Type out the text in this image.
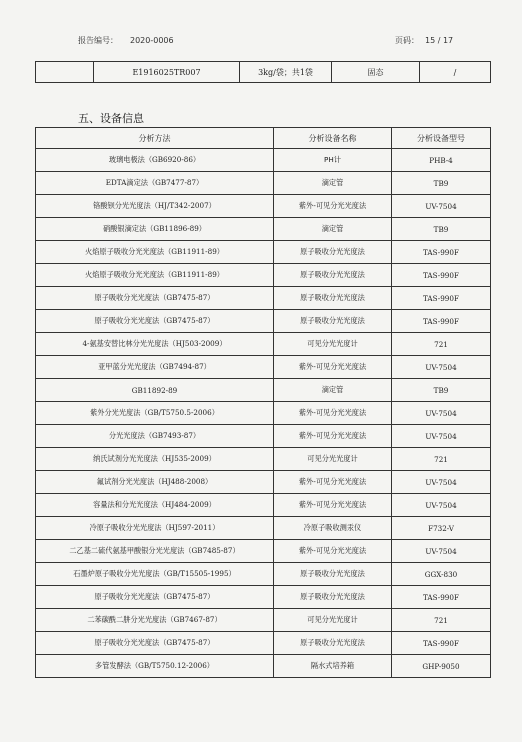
报告编号： 2020-0006	页码： 15 / 17
	E1916025TR007	3kg/袋；共1袋	固态	/
五、设备信息
分析方法	分析设备名称	分析设备型号
玻璃电极法（GB6920-86）	PH计	PHB-4
EDTA滴定法（GB7477-87）	滴定管	TB9
铬酸钡分光光度法（HJ/T342-2007）	紫外-可见分光光度法	UV-7504
硝酸银滴定法（GB11896-89）	滴定管	TB9
火焰原子吸收分光光度法（GB11911-89）	原子吸收分光光度法	TAS-990F
火焰原子吸收分光光度法（GB11911-89）	原子吸收分光光度法	TAS-990F
原子吸收分光光度法（GB7475-87）	原子吸收分光光度法	TAS-990F
原子吸收分光光度法（GB7475-87）	原子吸收分光光度法	TAS-990F
4-氨基安替比林分光光度法（HJ503-2009）	可见分光光度计	721
亚甲蓝分光光度法（GB7494-87）	紫外-可见分光光度法	UV-7504
GB11892-89	滴定管	TB9
紫外分光光度法（GB/T5750.5-2006）	紫外-可见分光光度法	UV-7504
分光光度法（GB7493-87）	紫外-可见分光光度法	UV-7504
纳氏试剂分光光度法（HJ535-2009）	可见分光光度计	721
氟试剂分光光度法（HJ488-2008）	紫外-可见分光光度法	UV-7504
容量法和分光光度法（HJ484-2009）	紫外-可见分光光度法	UV-7504
冷原子吸收分光光度法（HJ597-2011）	冷原子吸收测汞仪	F732-V
二乙基二硫代氨基甲酸银分光光度法（GB7485-87）	紫外-可见分光光度法	UV-7504
石墨炉原子吸收分光光度法（GB/T15505-1995）	原子吸收分光光度法	GGX-830
原子吸收分光光度法（GB7475-87）	原子吸收分光光度法	TAS-990F
二苯碳酰二肼分光光度法（GB7467-87）	可见分光光度计	721
原子吸收分光光度法（GB7475-87）	原子吸收分光光度法	TAS-990F
多管发酵法（GB/T5750.12-2006）	隔水式培养箱	GHP-9050
